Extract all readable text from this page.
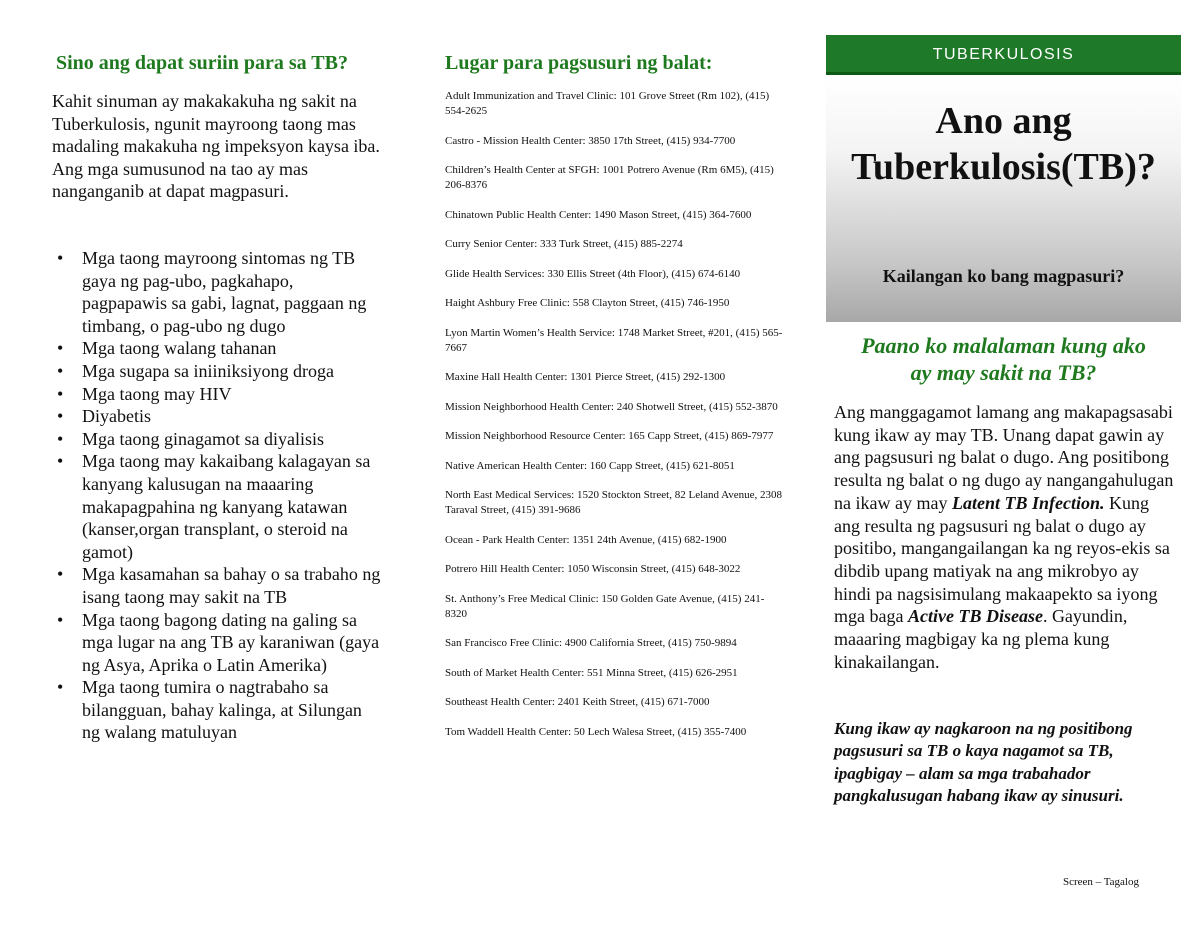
Sino ang dapat suriin para sa TB?

Kahit sinuman ay makakakuha ng sakit na Tuberkulosis, ngunit mayroong taong mas madaling makakuha ng impeksyon kaysa iba. Ang mga sumusunod na tao ay mas nanganganib at dapat magpasuri.

• Mga taong mayroong sintomas ng TB gaya ng pag-ubo, pagkahapo, pagpapawis sa gabi, lagnat, paggaan ng timbang, o pag-ubo ng dugo
• Mga taong walang tahanan
• Mga sugapa sa iniiniksiyong droga
• Mga taong may HIV
• Diyabetis
• Mga taong ginagamot sa diyalisis
• Mga taong may kakaibang kalagayan sa kanyang kalusugan na maaaring makapagpahina ng kanyang katawan (kanser,organ transplant, o steroid na gamot)
• Mga kasamahan sa bahay o sa trabaho ng isang taong may sakit na TB
• Mga taong bagong dating na galing sa mga lugar na ang TB ay karaniwan (gaya ng Asya, Aprika o Latin Amerika)
• Mga taong tumira o nagtrabaho sa bilangguan, bahay kalinga, at Silungan ng walang matuluyan
Lugar para pagsusuri ng balat:
Adult Immunization and Travel Clinic: 101 Grove Street (Rm 102), (415) 554-2625
Castro - Mission Health Center: 3850 17th Street, (415) 934-7700
Children’s Health Center at SFGH: 1001 Potrero Avenue (Rm 6M5), (415) 206-8376
Chinatown Public Health Center: 1490 Mason Street, (415) 364-7600
Curry Senior Center: 333 Turk Street, (415) 885-2274
Glide Health Services: 330 Ellis Street (4th Floor), (415) 674-6140
Haight Ashbury Free Clinic: 558 Clayton Street, (415) 746-1950
Lyon Martin Women’s Health Service: 1748 Market Street, #201, (415) 565-7667
Maxine Hall Health Center: 1301 Pierce Street, (415) 292-1300
Mission Neighborhood Health Center: 240 Shotwell Street, (415) 552-3870
Mission Neighborhood Resource Center: 165 Capp Street, (415) 869-7977
Native American Health Center: 160 Capp Street, (415) 621-8051
North East Medical Services: 1520 Stockton Street, 82 Leland Avenue, 2308 Taraval Street, (415) 391-9686
Ocean - Park Health Center: 1351 24th Avenue, (415) 682-1900
Potrero Hill Health Center: 1050 Wisconsin Street, (415) 648-3022
St. Anthony’s Free Medical Clinic: 150 Golden Gate Avenue, (415) 241-8320
San Francisco Free Clinic: 4900 California Street, (415) 750-9894
South of Market Health Center: 551 Minna Street, (415) 626-2951
Southeast Health Center: 2401 Keith Street, (415) 671-7000
Tom Waddell Health Center: 50 Lech Walesa Street, (415) 355-7400
TUBERKULOSIS
Ano ang
Tuberkulosis(TB)?

Kailangan ko bang magpasuri?

Paano ko malalaman kung ako
ay may sakit na TB?

Ang manggagamot lamang ang makapagsasabi kung ikaw ay may TB. Unang dapat gawin ay ang pagsusuri ng balat o dugo. Ang positibong resulta ng balat o ng dugo ay nangangahulugan na ikaw ay may Latent TB Infection. Kung ang resulta ng pagsusuri ng balat o dugo ay positibo, mangangailangan ka ng reyos-ekis sa dibdib upang matiyak na ang mikrobyo ay hindi pa nagsisimulang makaapekto sa iyong mga baga Active TB Disease. Gayundin, maaaring magbigay ka ng plema kung kinakailangan.

Kung ikaw ay nagkaroon na ng positibong pagsusuri sa TB o kaya nagamot sa TB, ipagbigay – alam sa mga trabahador pangkalusugan habang ikaw ay sinusuri.

Screen – Tagalog
